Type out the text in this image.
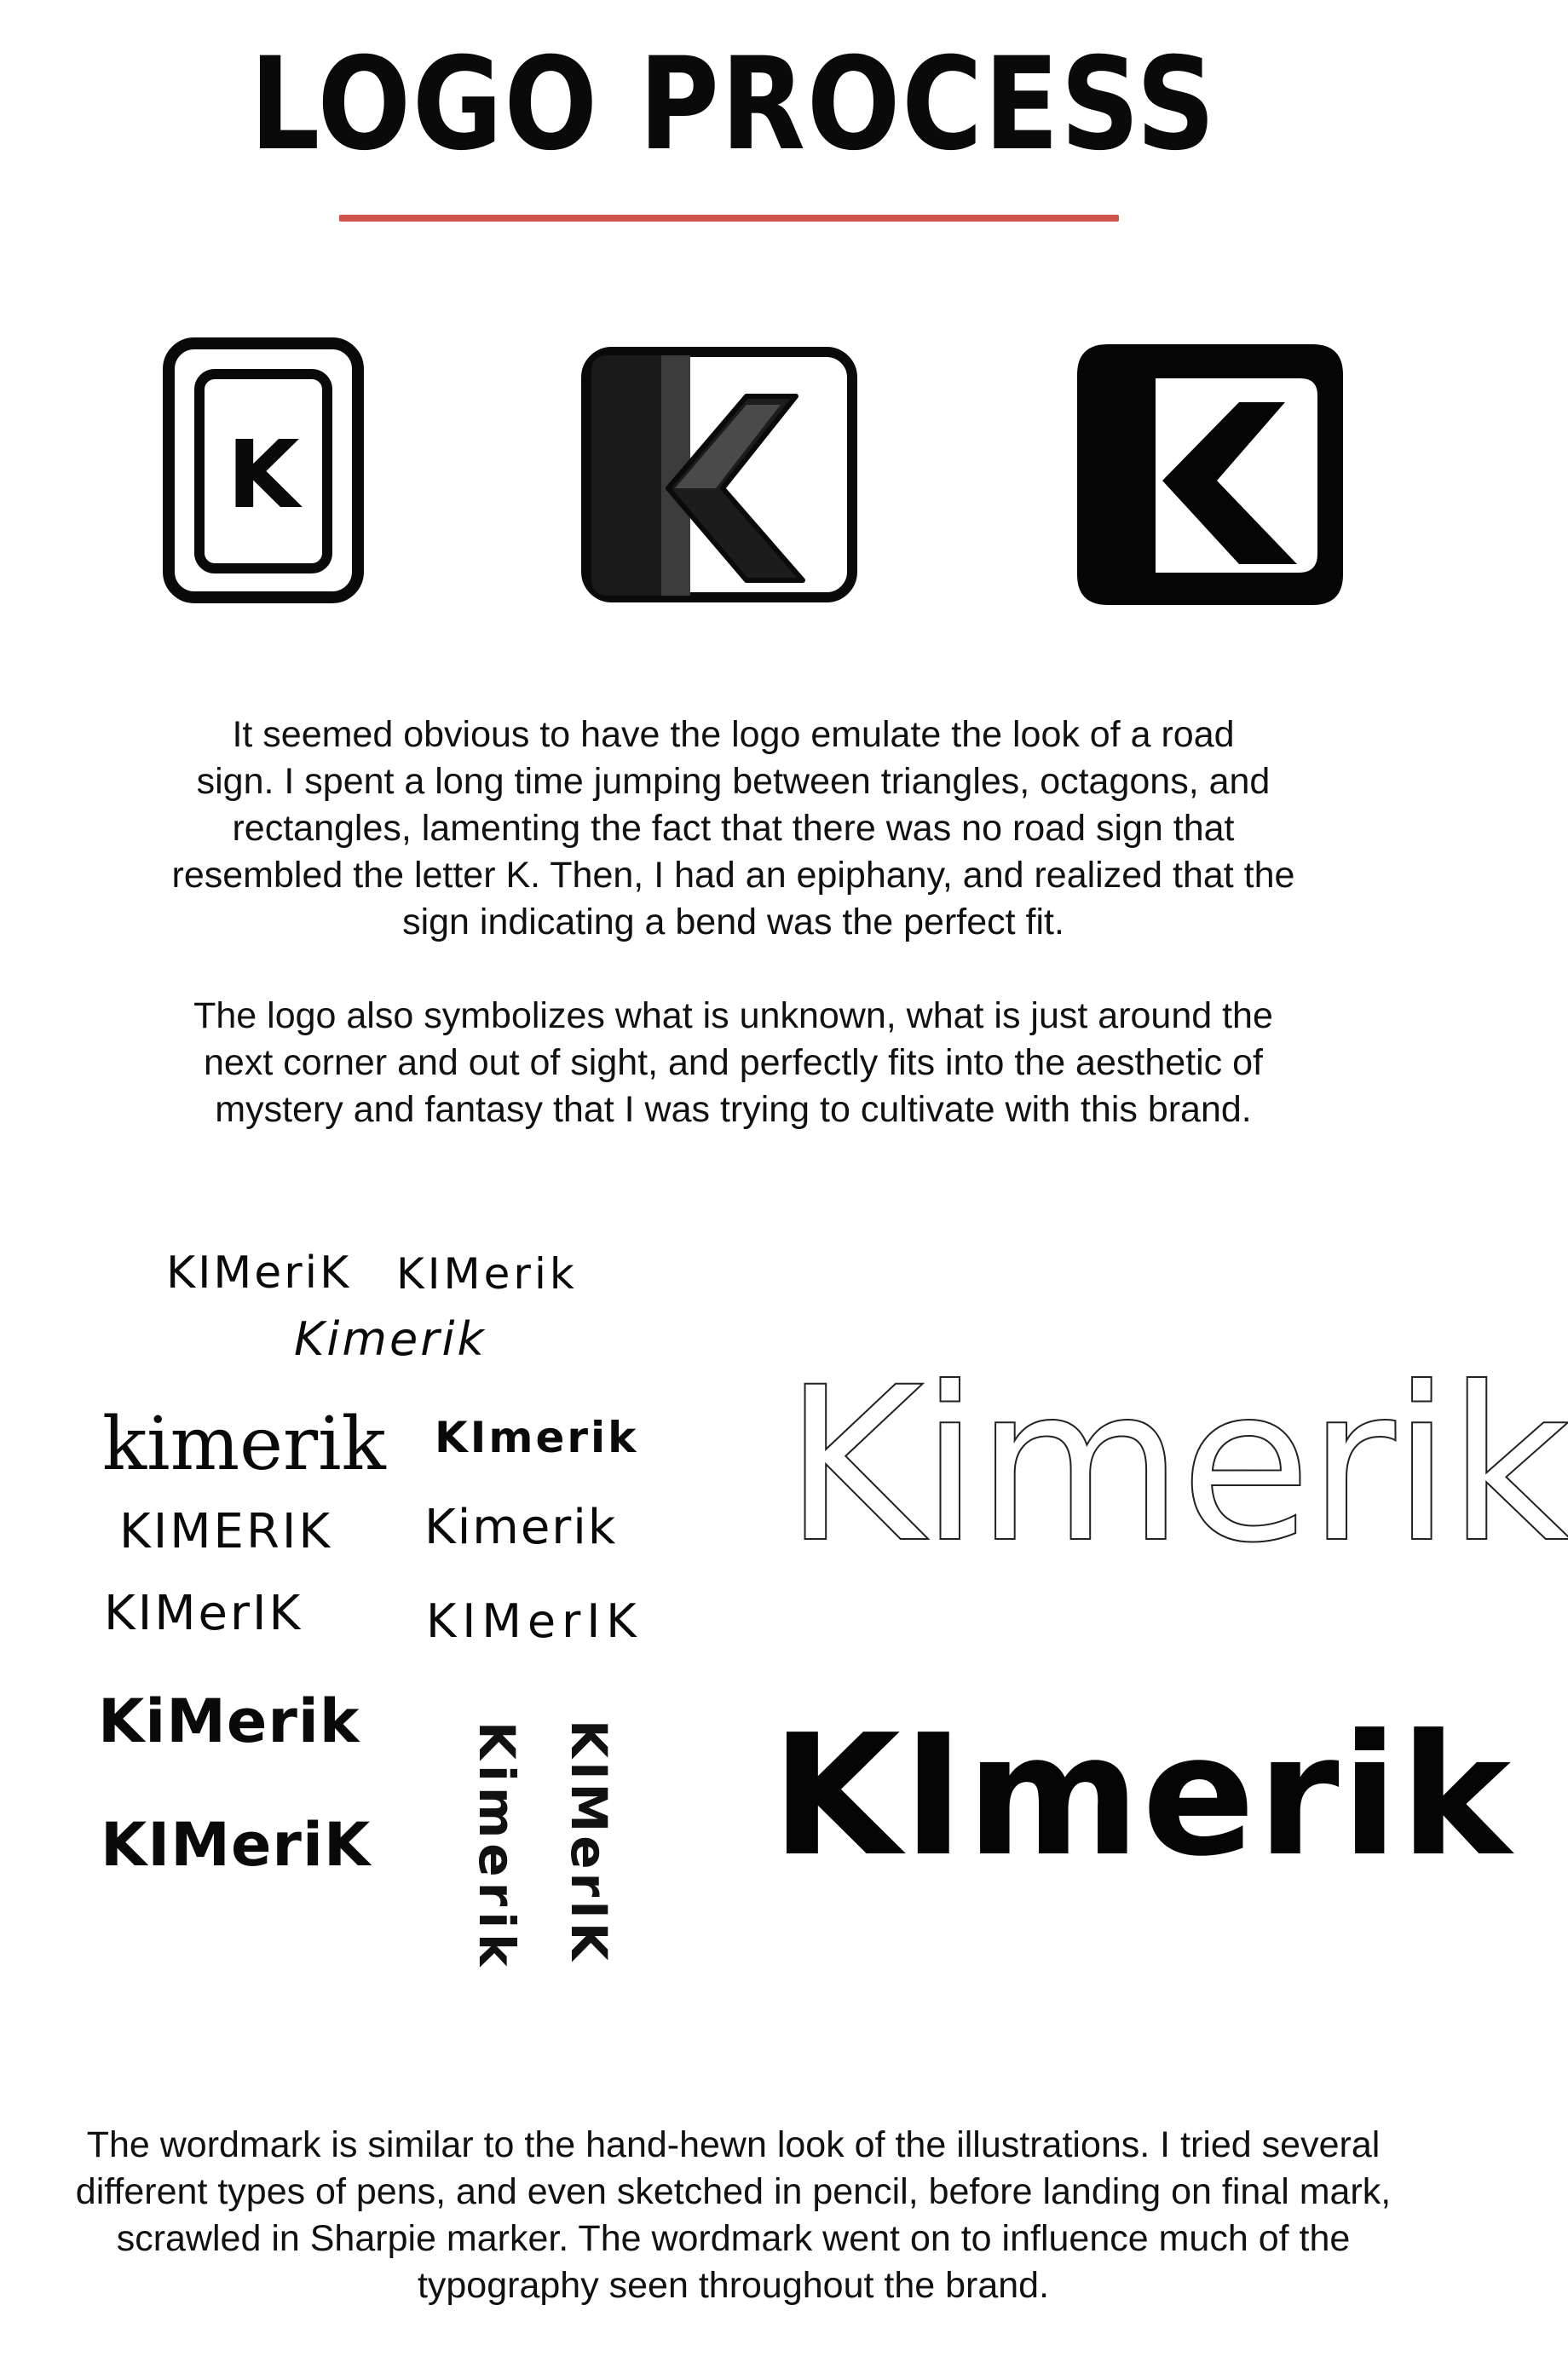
LOGO PROCESS
K
It seemed obvious to have the logo emulate the look of a road
sign. I spent a long time jumping between triangles, octagons, and
rectangles, lamenting the fact that there was no road sign that
resembled the letter K. Then, I had an epiphany, and realized that the
sign indicating a bend was the perfect fit.
The logo also symbolizes what is unknown, what is just around the
next corner and out of sight, and perfectly fits into the aesthetic of
mystery and fantasy that I was trying to cultivate with this brand.
KIMeriK KIMerik
Kimerik
kimerik KImerik
KIMERIK Kimerik
KIMerIK	KIMerIK
KiMerik
KIMeriK Kimerik KIMerIK
Kimerik
KImerik
The wordmark is similar to the hand-hewn look of the illustrations. I tried several
different types of pens, and even sketched in pencil, before landing on final mark,
scrawled in Sharpie marker. The wordmark went on to influence much of the
typography seen throughout the brand.
